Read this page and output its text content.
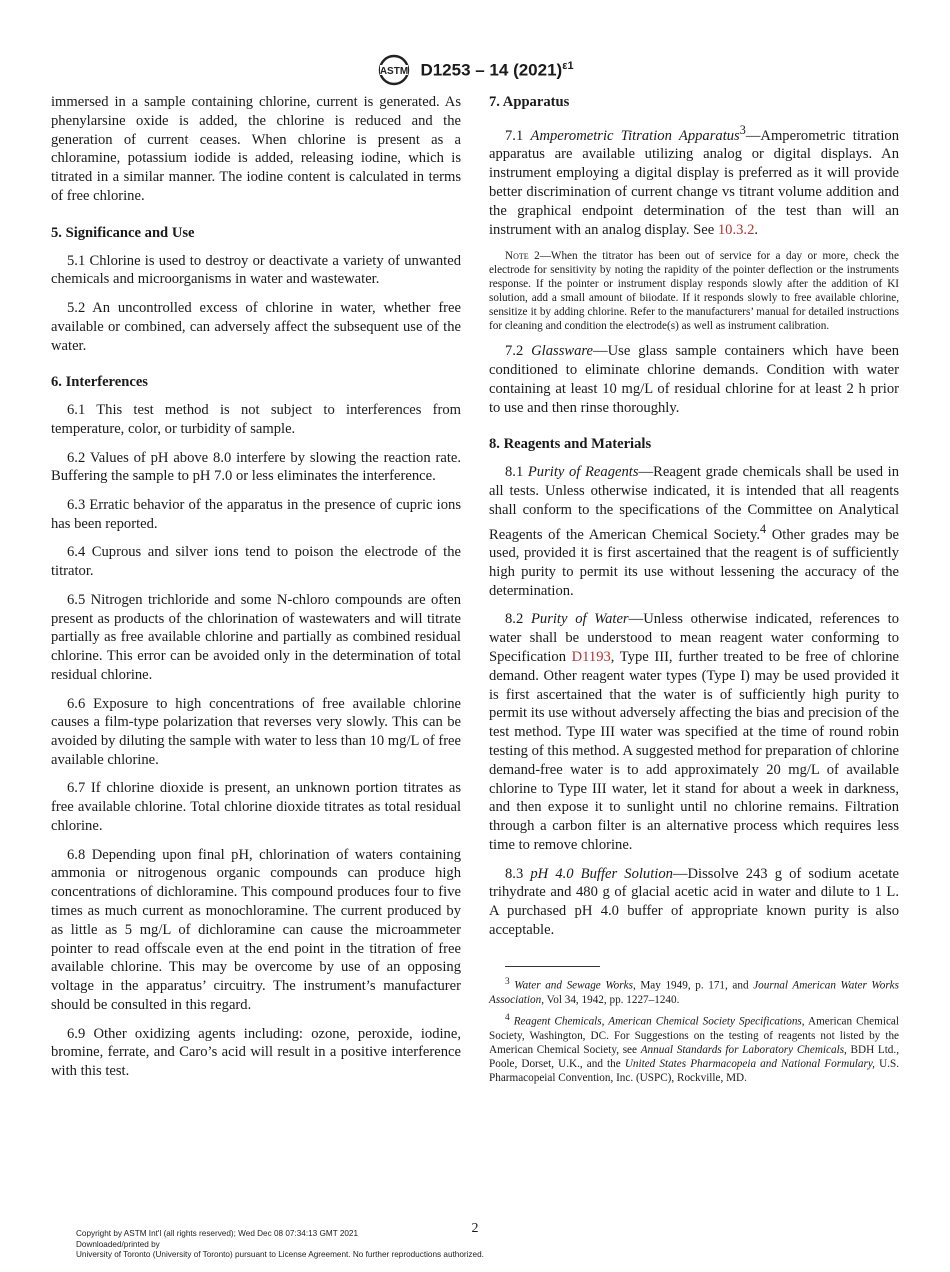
ASTM D1253 – 14 $(2021)^{\varepsilon 1}$

immersed in a sample containing chlorine, current is generated. As phenylarsine oxide is added, the chlorine is reduced and the generation of current ceases. When chlorine is present as a chloramine, potassium iodide is added, releasing iodine, which is titrated in a similar manner. The iodine content is calculated in terms of free chlorine.

5. Significance and Use

5.1 Chlorine is used to destroy or deactivate a variety of unwanted chemicals and microorganisms in water and wastewater.

5.2 An uncontrolled excess of chlorine in water, whether free available or combined, can adversely affect the subsequent use of the water.

6. Interferences

6.1 This test method is not subject to interferences from temperature, color, or turbidity of sample.

6.2 Values of pH above 8.0 interfere by slowing the reaction rate. Buffering the sample to pH 7.0 or less eliminates the interference.

6.3 Erratic behavior of the apparatus in the presence of cupric ions has been reported.

6.4 Cuprous and silver ions tend to poison the electrode of the titrator.

6.5 Nitrogen trichloride and some N-chloro compounds are often present as products of the chlorination of wastewaters and will titrate partially as free available chlorine and partially as combined residual chlorine. This error can be avoided only in the determination of total residual chlorine.

6.6 Exposure to high concentrations of free available chlorine causes a film-type polarization that reverses very slowly. This can be avoided by diluting the sample with water to less than 10 mg/L of free available chlorine.

6.7 If chlorine dioxide is present, an unknown portion titrates as free available chlorine. Total chlorine dioxide titrates as total residual chlorine.

6.8 Depending upon final pH, chlorination of waters containing ammonia or nitrogenous organic compounds can produce high concentrations of dichloramine. This compound produces four to five times as much current as monochloramine. The current produced by as little as 5 mg/L of dichloramine can cause the microammeter pointer to read offscale even at the end point in the titration of free available chlorine. This may be overcome by use of an opposing voltage in the apparatus’ circuitry. The instrument’s manufacturer should be consulted in this regard.

6.9 Other oxidizing agents including: ozone, peroxide, iodine, bromine, ferrate, and Caro’s acid will result in a positive interference with this test.

7. Apparatus

7.1 Amperometric Titration Apparatus$^3$—Amperometric titration apparatus are available utilizing analog or digital displays. An instrument employing a digital display is preferred as it will provide better discrimination of current change vs titrant volume addition and the graphical endpoint determination of the test than will an instrument with an analog display. See 10.3.2.

Note 2—When the titrator has been out of service for a day or more, check the electrode for sensitivity by noting the rapidity of the pointer deflection or the instruments response. If the pointer or instrument display responds slowly after the addition of KI solution, add a small amount of biiodate. If it responds slowly to free available chlorine, sensitize it by adding chlorine. Refer to the manufacturers’ manual for detailed instructions for cleaning and condition the electrode(s) as well as instrument calibration.

7.2 Glassware—Use glass sample containers which have been conditioned to eliminate chlorine demands. Condition with water containing at least 10 mg/L of residual chlorine for at least 2 h prior to use and then rinse thoroughly.

8. Reagents and Materials

8.1 Purity of Reagents—Reagent grade chemicals shall be used in all tests. Unless otherwise indicated, it is intended that all reagents shall conform to the specifications of the Committee on Analytical Reagents of the American Chemical Society.$^4$ Other grades may be used, provided it is first ascertained that the reagent is of sufficiently high purity to permit its use without lessening the accuracy of the determination.

8.2 Purity of Water—Unless otherwise indicated, references to water shall be understood to mean reagent water conforming to Specification D1193, Type III, further treated to be free of chlorine demand. Other reagent water types (Type I) may be used provided it is first ascertained that the water is of sufficiently high purity to permit its use without adversely affecting the bias and precision of the test method. Type III water was specified at the time of round robin testing of this method. A suggested method for preparation of chlorine demand-free water is to add approximately 20 mg/L of available chlorine to Type III water, let it stand for about a week in darkness, and then expose it to sunlight until no chlorine remains. Filtration through a carbon filter is an alternative process which requires less time to remove chlorine.

8.3 pH 4.0 Buffer Solution—Dissolve 243 g of sodium acetate trihydrate and 480 g of glacial acetic acid in water and dilute to 1 L. A purchased pH 4.0 buffer of appropriate known purity is also acceptable.

$^3$ Water and Sewage Works, May 1949, p. 171, and Journal American Water Works Association, Vol 34, 1942, pp. 1227–1240.

$^4$ Reagent Chemicals, American Chemical Society Specifications, American Chemical Society, Washington, DC. For Suggestions on the testing of reagents not listed by the American Chemical Society, see Annual Standards for Laboratory Chemicals, BDH Ltd., Poole, Dorset, U.K., and the United States Pharmacopeia and National Formulary, U.S. Pharmacopeial Convention, Inc. (USPC), Rockville, MD.

2
Copyright by ASTM Int'l (all rights reserved); Wed Dec 08 07:34:13 GMT 2021
Downloaded/printed by
University of Toronto (University of Toronto) pursuant to License Agreement. No further reproductions authorized.
